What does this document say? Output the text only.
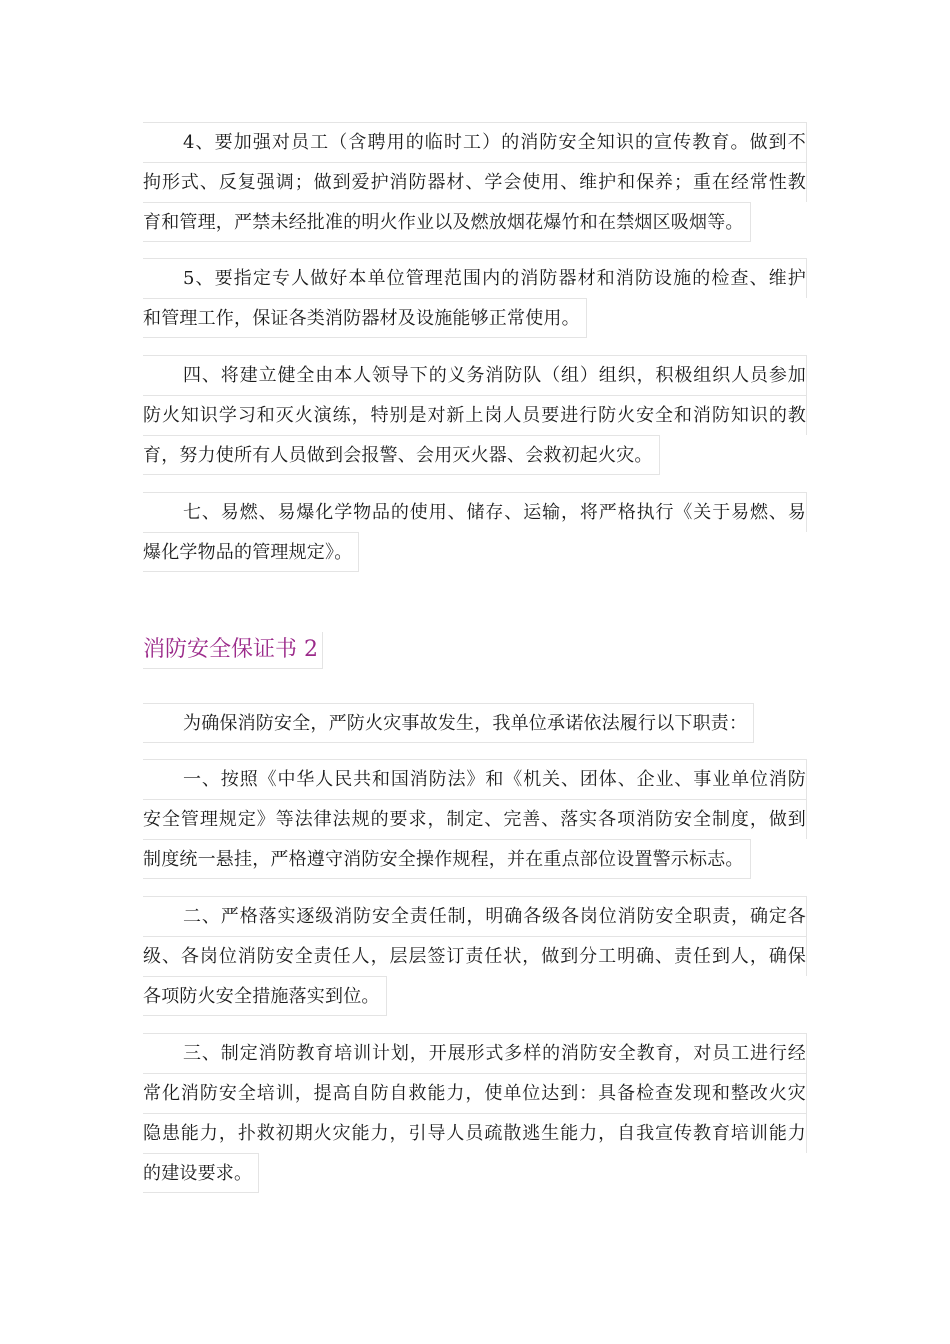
4、要加强对员工（含聘用的临时工）的消防安全知识的宣传教育。做到不
拘形式、反复强调；做到爱护消防器材、学会使用、维护和保养；重在经常性教
育和管理，严禁未经批准的明火作业以及燃放烟花爆竹和在禁烟区吸烟等。
5、要指定专人做好本单位管理范围内的消防器材和消防设施的检查、维护
和管理工作，保证各类消防器材及设施能够正常使用。
四、将建立健全由本人领导下的义务消防队（组）组织，积极组织人员参加
防火知识学习和灭火演练，特别是对新上岗人员要进行防火安全和消防知识的教
育，努力使所有人员做到会报警、会用灭火器、会救初起火灾。
七、易燃、易爆化学物品的使用、储存、运输，将严格执行《关于易燃、易
爆化学物品的管理规定》。
消防安全保证书 2
为确保消防安全，严防火灾事故发生，我单位承诺依法履行以下职责：
一、按照《中华人民共和国消防法》和《机关、团体、企业、事业单位消防
安全管理规定》等法律法规的要求，制定、完善、落实各项消防安全制度，做到
制度统一悬挂，严格遵守消防安全操作规程，并在重点部位设置警示标志。
二、严格落实逐级消防安全责任制，明确各级各岗位消防安全职责，确定各
级、各岗位消防安全责任人，层层签订责任状，做到分工明确、责任到人，确保
各项防火安全措施落实到位。
三、制定消防教育培训计划，开展形式多样的消防安全教育，对员工进行经
常化消防安全培训，提高自防自救能力，使单位达到：具备检查发现和整改火灾
隐患能力，扑救初期火灾能力，引导人员疏散逃生能力，自我宣传教育培训能力
的建设要求。
